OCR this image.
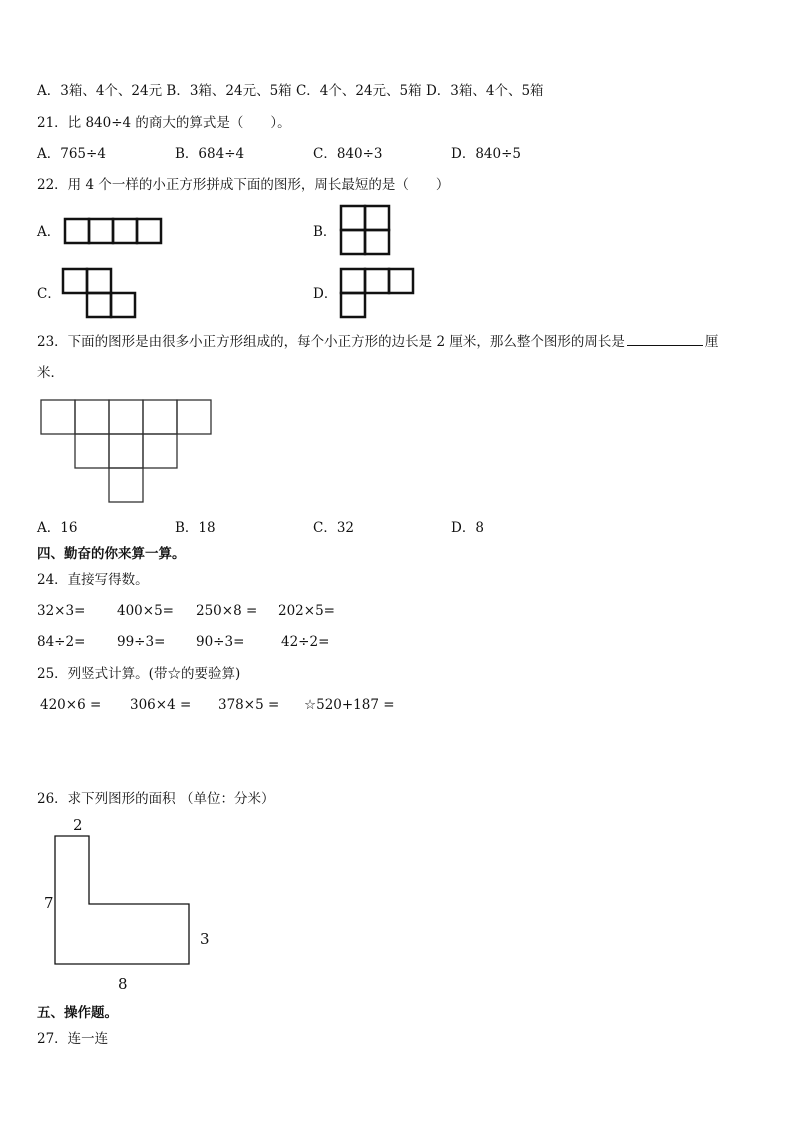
A．3箱、4个、24元 B．3箱、24元、5箱 C．4个、24元、5箱 D．3箱、4个、5箱
21．比 840÷4 的商大的算式是（　　）。
A．765÷4	B．684÷4	C．840÷3	D．840÷5
22．用 4 个一样的小正方形拼成下面的图形，周长最短的是（　　）
A．	B．
C．	D．
23．下面的图形是由很多小正方形组成的，每个小正方形的边长是 2 厘米，那么整个图形的周长是	厘
米．
A．16	B．18	C．32	D．8
四、勤奋的你来算一算。
24．直接写得数。
32×3= 400×5= 250×8 = 202×5=
84÷2= 99÷3= 90÷3=	42÷2=
25．列竖式计算。(带☆的要验算)
420×6 = 306×4 = 378×5 = ☆520+187 =
26．求下列图形的面积 （单位：分米）
2
7
3
8
五、操作题。
27．连一连
